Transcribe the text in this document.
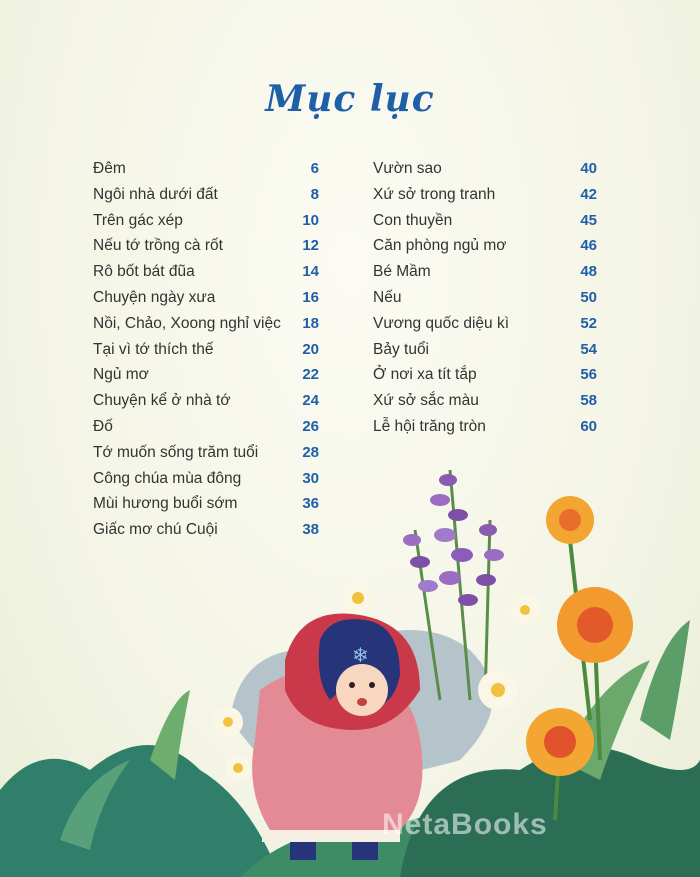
Mục lục
Đêm	6
Ngôi nhà dưới đất	8
Trên gác xép	10
Nếu tớ trồng cà rốt	12
Rô bốt bát đũa	14
Chuyện ngày xưa	16
Nồi, Chảo, Xoong nghỉ việc 18
Tại vì tớ thích thế	20
Ngủ mơ	22
Chuyện kể ở nhà tớ	24
Đố	26
Tớ muốn sống trăm tuổi	28
Công chúa mùa đông	30
Mùi hương buổi sớm	36
Giấc mơ chú Cuội	38
Vườn sao	40
Xứ sở trong tranh	42
Con thuyền	45
Căn phòng ngủ mơ	46
Bé Mầm	48
Nếu	50
Vương quốc diệu kì	52
Bảy tuổi	54
Ở nơi xa tít tắp	56
Xứ sở sắc màu	58
Lễ hội trăng tròn	60
❄
NetaBooks
